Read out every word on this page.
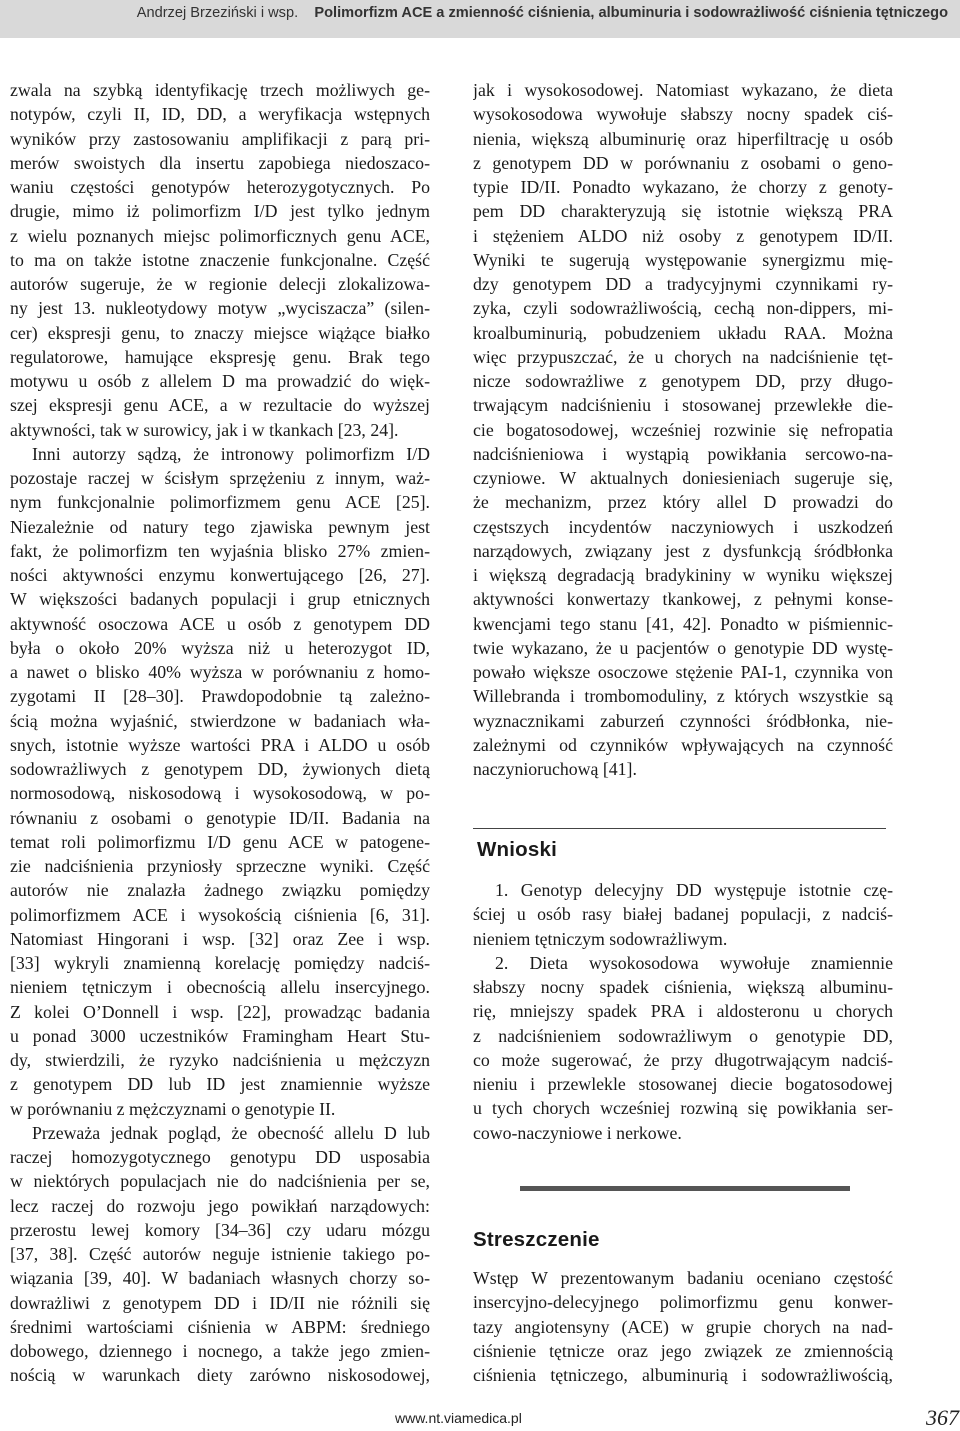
Andrzej Brzeziński i wsp. Polimorfizm ACE a zmienność ciśnienia, albuminuria i sodowrażliwość ciśnienia tętniczego
zwala na szybką identyfikację trzech możliwych ge-
notypów, czyli II, ID, DD, a weryfikacja wstępnych
wyników przy zastosowaniu amplifikacji z parą pri-
merów swoistych dla insertu zapobiega niedoszaco-
waniu częstości genotypów heterozygotycznych. Po
drugie, mimo iż polimorfizm I/D jest tylko jednym
z wielu poznanych miejsc polimorficznych genu ACE,
to ma on także istotne znaczenie funkcjonalne. Część
autorów sugeruje, że w regionie delecji zlokalizowa-
ny jest 13. nukleotydowy motyw „wyciszacza” (silen-
cer) ekspresji genu, to znaczy miejsce wiążące białko
regulatorowe, hamujące ekspresję genu. Brak tego
motywu u osób z allelem D ma prowadzić do więk-
szej ekspresji genu ACE, a w rezultacie do wyższej
aktywności, tak w surowicy, jak i w tkankach [23, 24].
Inni autorzy sądzą, że intronowy polimorfizm I/D
pozostaje raczej w ścisłym sprzężeniu z innym, waż-
nym funkcjonalnie polimorfizmem genu ACE [25].
Niezależnie od natury tego zjawiska pewnym jest
fakt, że polimorfizm ten wyjaśnia blisko 27% zmien-
ności aktywności enzymu konwertującego [26, 27].
W większości badanych populacji i grup etnicznych
aktywność osoczowa ACE u osób z genotypem DD
była o około 20% wyższa niż u heterozygot ID,
a nawet o blisko 40% wyższa w porównaniu z homo-
zygotami II [28–30]. Prawdopodobnie tą zależno-
ścią można wyjaśnić, stwierdzone w badaniach wła-
snych, istotnie wyższe wartości PRA i ALDO u osób
sodowrażliwych z genotypem DD, żywionych dietą
normosodową, niskosodową i wysokosodową, w po-
równaniu z osobami o genotypie ID/II. Badania na
temat roli polimorfizmu I/D genu ACE w patogene-
zie nadciśnienia przyniosły sprzeczne wyniki. Część
autorów nie znalazła żadnego związku pomiędzy
polimorfizmem ACE i wysokością ciśnienia [6, 31].
Natomiast Hingorani i wsp. [32] oraz Zee i wsp.
[33] wykryli znamienną korelację pomiędzy nadciś-
nieniem tętniczym i obecnością allelu insercyjnego.
Z kolei O’Donnell i wsp. [22], prowadząc badania
u ponad 3000 uczestników Framingham Heart Stu-
dy, stwierdzili, że ryzyko nadciśnienia u mężczyzn
z genotypem DD lub ID jest znamiennie wyższe
w porównaniu z mężczyznami o genotypie II.
Przeważa jednak pogląd, że obecność allelu D lub
raczej homozygotycznego genotypu DD usposabia
w niektórych populacjach nie do nadciśnienia per se,
lecz raczej do rozwoju jego powikłań narządowych:
przerostu lewej komory [34–36] czy udaru mózgu
[37, 38]. Część autorów neguje istnienie takiego po-
wiązania [39, 40]. W badaniach własnych chorzy so-
dowrażliwi z genotypem DD i ID/II nie różnili się
średnimi wartościami ciśnienia w ABPM: średniego
dobowego, dziennego i nocnego, a także jego zmien-
nością w warunkach diety zarówno niskosodowej,
jak i wysokosodowej. Natomiast wykazano, że dieta
wysokosodowa wywołuje słabszy nocny spadek ciś-
nienia, większą albuminurię oraz hiperfiltrację u osób
z genotypem DD w porównaniu z osobami o geno-
typie ID/II. Ponadto wykazano, że chorzy z genoty-
pem DD charakteryzują się istotnie większą PRA
i stężeniem ALDO niż osoby z genotypem ID/II.
Wyniki te sugerują występowanie synergizmu mię-
dzy genotypem DD a tradycyjnymi czynnikami ry-
zyka, czyli sodowrażliwością, cechą non-dippers, mi-
kroalbuminurią, pobudzeniem układu RAA. Można
więc przypuszczać, że u chorych na nadciśnienie tęt-
nicze sodowrażliwe z genotypem DD, przy długo-
trwającym nadciśnieniu i stosowanej przewlekłe die-
cie bogatosodowej, wcześniej rozwinie się nefropatia
nadciśnieniowa i wystąpią powikłania sercowo-na-
czyniowe. W aktualnych doniesieniach sugeruje się,
że mechanizm, przez który allel D prowadzi do
częstszych incydentów naczyniowych i uszkodzeń
narządowych, związany jest z dysfunkcją śródbłonka
i większą degradacją bradykininy w wyniku większej
aktywności konwertazy tkankowej, z pełnymi konse-
kwencjami tego stanu [41, 42]. Ponadto w piśmiennic-
twie wykazano, że u pacjentów o genotypie DD wystę-
powało większe osoczowe stężenie PAI-1, czynnika von
Willebranda i trombomoduliny, z których wszystkie są
wyznacznikami zaburzeń czynności śródbłonka, nie-
zależnymi od czynników wpływających na czynność
naczynioruchową [41].
Wnioski
1. Genotyp delecyjny DD występuje istotnie czę-
ściej u osób rasy białej badanej populacji, z nadciś-
nieniem tętniczym sodowrażliwym.
2. Dieta wysokosodowa wywołuje znamiennie
słabszy nocny spadek ciśnienia, większą albuminu-
rię, mniejszy spadek PRA i aldosteronu u chorych
z nadciśnieniem sodowrażliwym o genotypie DD,
co może sugerować, że przy długotrwającym nadciś-
nieniu i przewlekle stosowanej diecie bogatosodowej
u tych chorych wcześniej rozwiną się powikłania ser-
cowo-naczyniowe i nerkowe.
Streszczenie
Wstęp W prezentowanym badaniu oceniano częstość
insercyjno-delecyjnego polimorfizmu genu konwer-
tazy angiotensyny (ACE) w grupie chorych na nad-
ciśnienie tętnicze oraz jego związek ze zmiennością
ciśnienia tętniczego, albuminurią i sodowrażliwością,
www.nt.viamedica.pl	367
